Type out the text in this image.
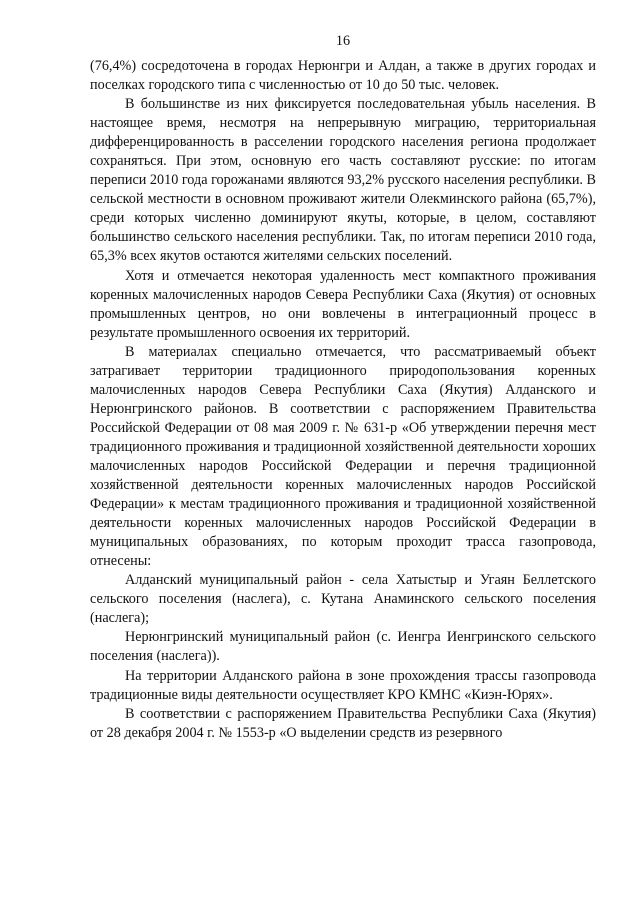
16

(76,4%) сосредоточена в городах Нерюнгри и Алдан, а также в других городах и поселках городского типа с численностью от 10 до 50 тыс. человек.

В большинстве из них фиксируется последовательная убыль населения. В настоящее время, несмотря на непрерывную миграцию, территориальная дифференцированность в расселении городского населения региона продолжает сохраняться. При этом, основную его часть составляют русские: по итогам переписи 2010 года горожанами являются 93,2% русского населения республики. В сельской местности в основном проживают жители Олекминского района (65,7%), среди которых численно доминируют якуты, которые, в целом, составляют большинство сельского населения республики. Так, по итогам переписи 2010 года, 65,3% всех якутов остаются жителями сельских поселений.

Хотя и отмечается некоторая удаленность мест компактного проживания коренных малочисленных народов Севера Республики Саха (Якутия) от основных промышленных центров, но они вовлечены в интеграционный процесс в результате промышленного освоения их территорий.

В материалах специально отмечается, что рассматриваемый объект затрагивает территории традиционного природопользования коренных малочисленных народов Севера Республики Саха (Якутия) Алданского и Нерюнгринского районов. В соответствии с распоряжением Правительства Российской Федерации от 08 мая 2009 г. № 631-р «Об утверждении перечня мест традиционного проживания и традиционной хозяйственной деятельности хороших малочисленных народов Российской Федерации и перечня традиционной хозяйственной деятельности коренных малочисленных народов Российской Федерации» к местам традиционного проживания и традиционной хозяйственной деятельности коренных малочисленных народов Российской Федерации в муниципальных образованиях, по которым проходит трасса газопровода, отнесены:

Алданский муниципальный район - села Хатыстыр и Угаян Беллетского сельского поселения (наслега), с. Кутана Анаминского сельского поселения (наслега);

Нерюнгринский муниципальный район (с. Иенгра Иенгринского сельского поселения (наслега)).

На территории Алданского района в зоне прохождения трассы газопровода традиционные виды деятельности осуществляет КРО КМНС «Киэн-Юрях».

В соответствии с распоряжением Правительства Республики Саха (Якутия) от 28 декабря 2004 г. № 1553-р «О выделении средств из резервного
